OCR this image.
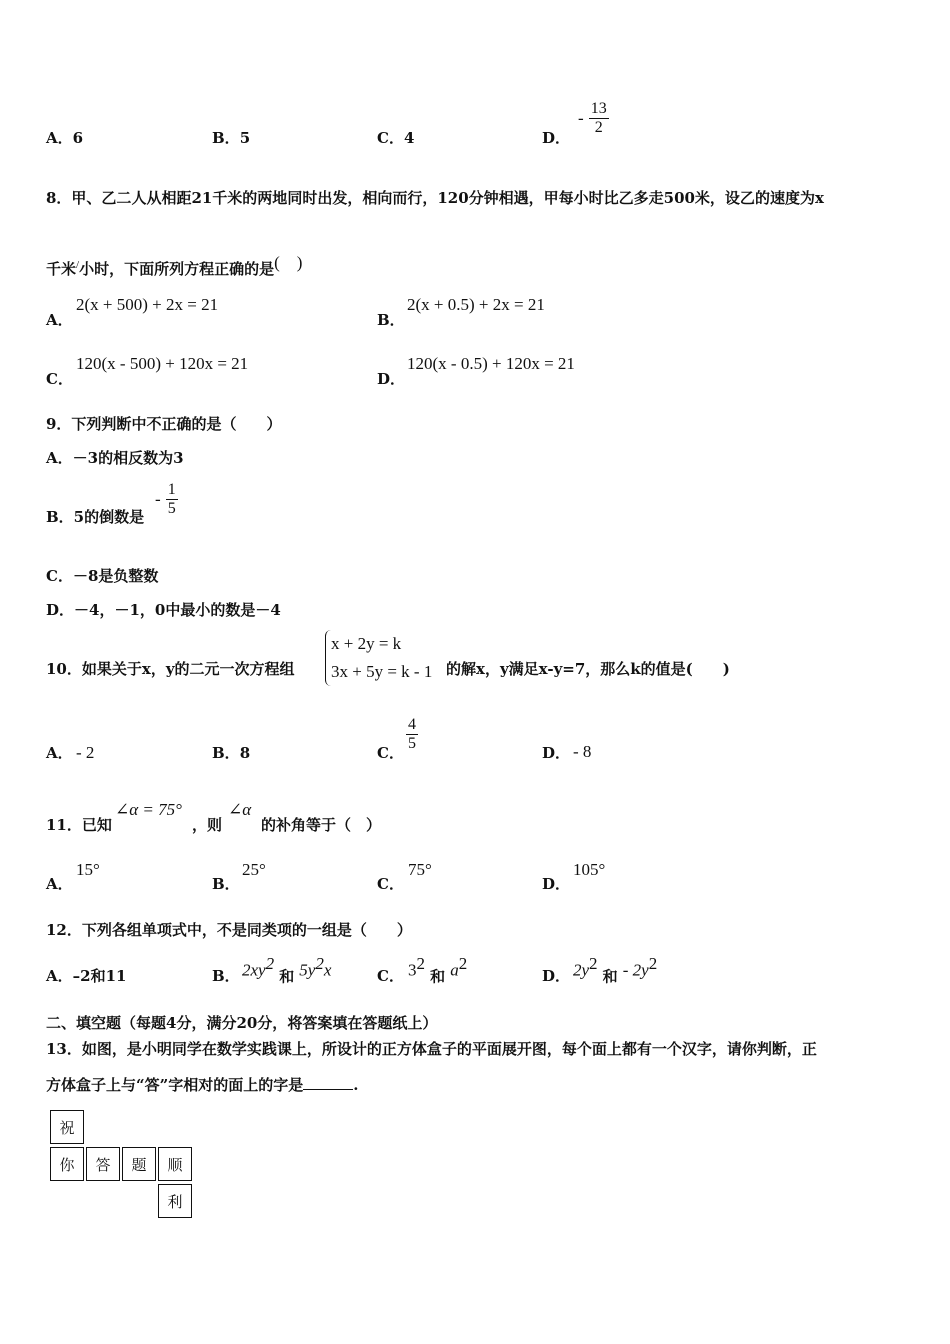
A．6	B．5	C．4	D．
- $\frac{13}{2}$
8．甲、乙二人从相距21千米的两地同时出发，相向而行，120分钟相遇，甲每小时比乙多走500米，设乙的速度为x
千米/小时，下面所列方程正确的是(　)
A．
2(x + 500) + 2x = 21
B．
2(x + 0.5) + 2x = 21
C．
120(x - 500) + 120x = 21
D．
120(x - 0.5) + 120x = 21
9．下列判断中不正确的是（　　）
A．－3的相反数为3
B．5的倒数是
- $\frac{1}{5}$
C．－8是负整数
D．－4，－1，0中最小的数是－4
10．如果关于x，y的二元一次方程组
x + 2y = k
3x + 5y = k - 1 的解x，y满足x-y=7，那么k的值是(　　)
A． - 2	B．8	C． $\frac{4}{5}$	D． - 8
11．已知
∠α = 75°
，则
∠α
的补角等于（　）
A．
15°
B．
25°
C．
75°
D．
105°
12．下列各组单项式中，不是同类项的一组是（　　）
A．–2和11	B． $2xy^2$ 和 $5y^2x$	C． $3^2$ 和 $a^2$
D． $2y^2$ 和 - $2y^2$
二、填空题（每题4分，满分20分，将答案填在答题纸上）
13．如图，是小明同学在数学实践课上，所设计的正方体盒子的平面展开图，每个面上都有一个汉字，请你判断，正
方体盒子上与“答”字相对的面上的字是	.
祝
你	答	题	顺
利
